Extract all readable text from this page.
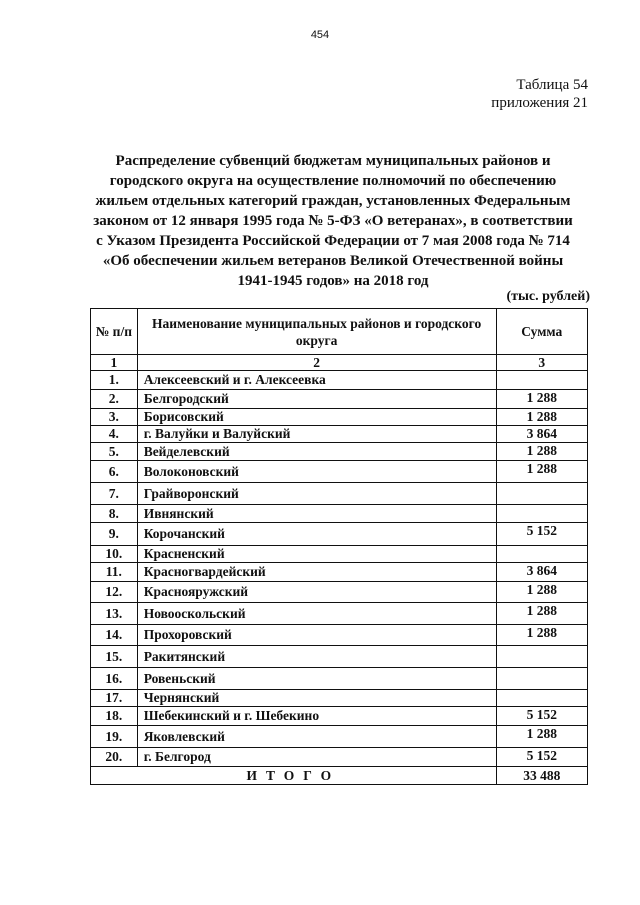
454
Таблица 54
приложения 21
Распределение субвенций бюджетам муниципальных районов и городского округа на осуществление полномочий по обеспечению жильем отдельных категорий граждан, установленных Федеральным законом от 12 января 1995 года № 5-ФЗ «О ветеранах», в соответствии с Указом Президента Российской Федерации от 7 мая 2008 года № 714 «Об обеспечении жильем ветеранов Великой Отечественной войны 1941-1945 годов» на 2018 год
(тыс. рублей)
№ п/п	Наименование муниципальных районов и городского округа	Сумма
1	2	3
1.	Алексеевский и г. Алексеевка	
2.	Белгородский	1 288
3.	Борисовский	1 288
4.	г. Валуйки и Валуйский	3 864
5.	Вейделевский	1 288
6.	Волоконовский	1 288
7.	Грайворонский	
8.	Ивнянский	
9.	Корочанский	5 152
10.	Красненский	
11.	Красногвардейский	3 864
12.	Краснояружский	1 288
13.	Новооскольский	1 288
14.	Прохоровский	1 288
15.	Ракитянский	
16.	Ровеньский	
17.	Чернянский	
18.	Шебекинский и г. Шебекино	5 152
19.	Яковлевский	1 288
20.	г. Белгород	5 152
ИТОГО		33 488
